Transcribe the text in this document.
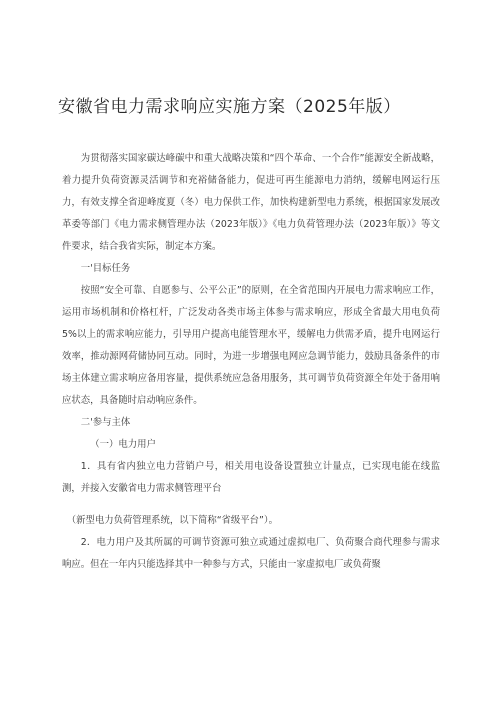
安徽省电力需求响应实施方案（2025年版）

为贯彻落实国家碳达峰碳中和重大战略决策和“四个革命、一个合作”能源安全新战略，着力提升负荷资源灵活调节和充裕储备能力，促进可再生能源电力消纳，缓解电网运行压力，有效支撑全省迎峰度夏（冬）电力保供工作，加快构建新型电力系统，根据国家发展改革委等部门《电力需求侧管理办法（2023年版）》《电力负荷管理办法（2023年版）》等文件要求，结合我省实际，制定本方案。

一'目标任务

按照“安全可靠、自愿参与、公平公正”的原则，在全省范围内开展电力需求响应工作，运用市场机制和价格杠杆，广泛发动各类市场主体参与需求响应，形成全省最大用电负荷5%以上的需求响应能力，引导用户提高电能管理水平，缓解电力供需矛盾，提升电网运行效率，推动源网荷储协同互动。同时，为进一步增强电网应急调节能力，鼓励具备条件的市场主体建立需求响应备用容量，提供系统应急备用服务，其可调节负荷资源全年处于备用响应状态，具备随时启动响应条件。

二'参与主体

（一）电力用户

1．具有省内独立电力营销户号，相关用电设备设置独立计量点，已实现电能在线监测，并接入安徽省电力需求侧管理平台

（新型电力负荷管理系统，以下简称“省级平台”）。

2．电力用户及其所属的可调节资源可独立或通过虚拟电厂、负荷聚合商代理参与需求响应。但在一年内只能选择其中一种参与方式，只能由一家虚拟电厂或负荷聚
